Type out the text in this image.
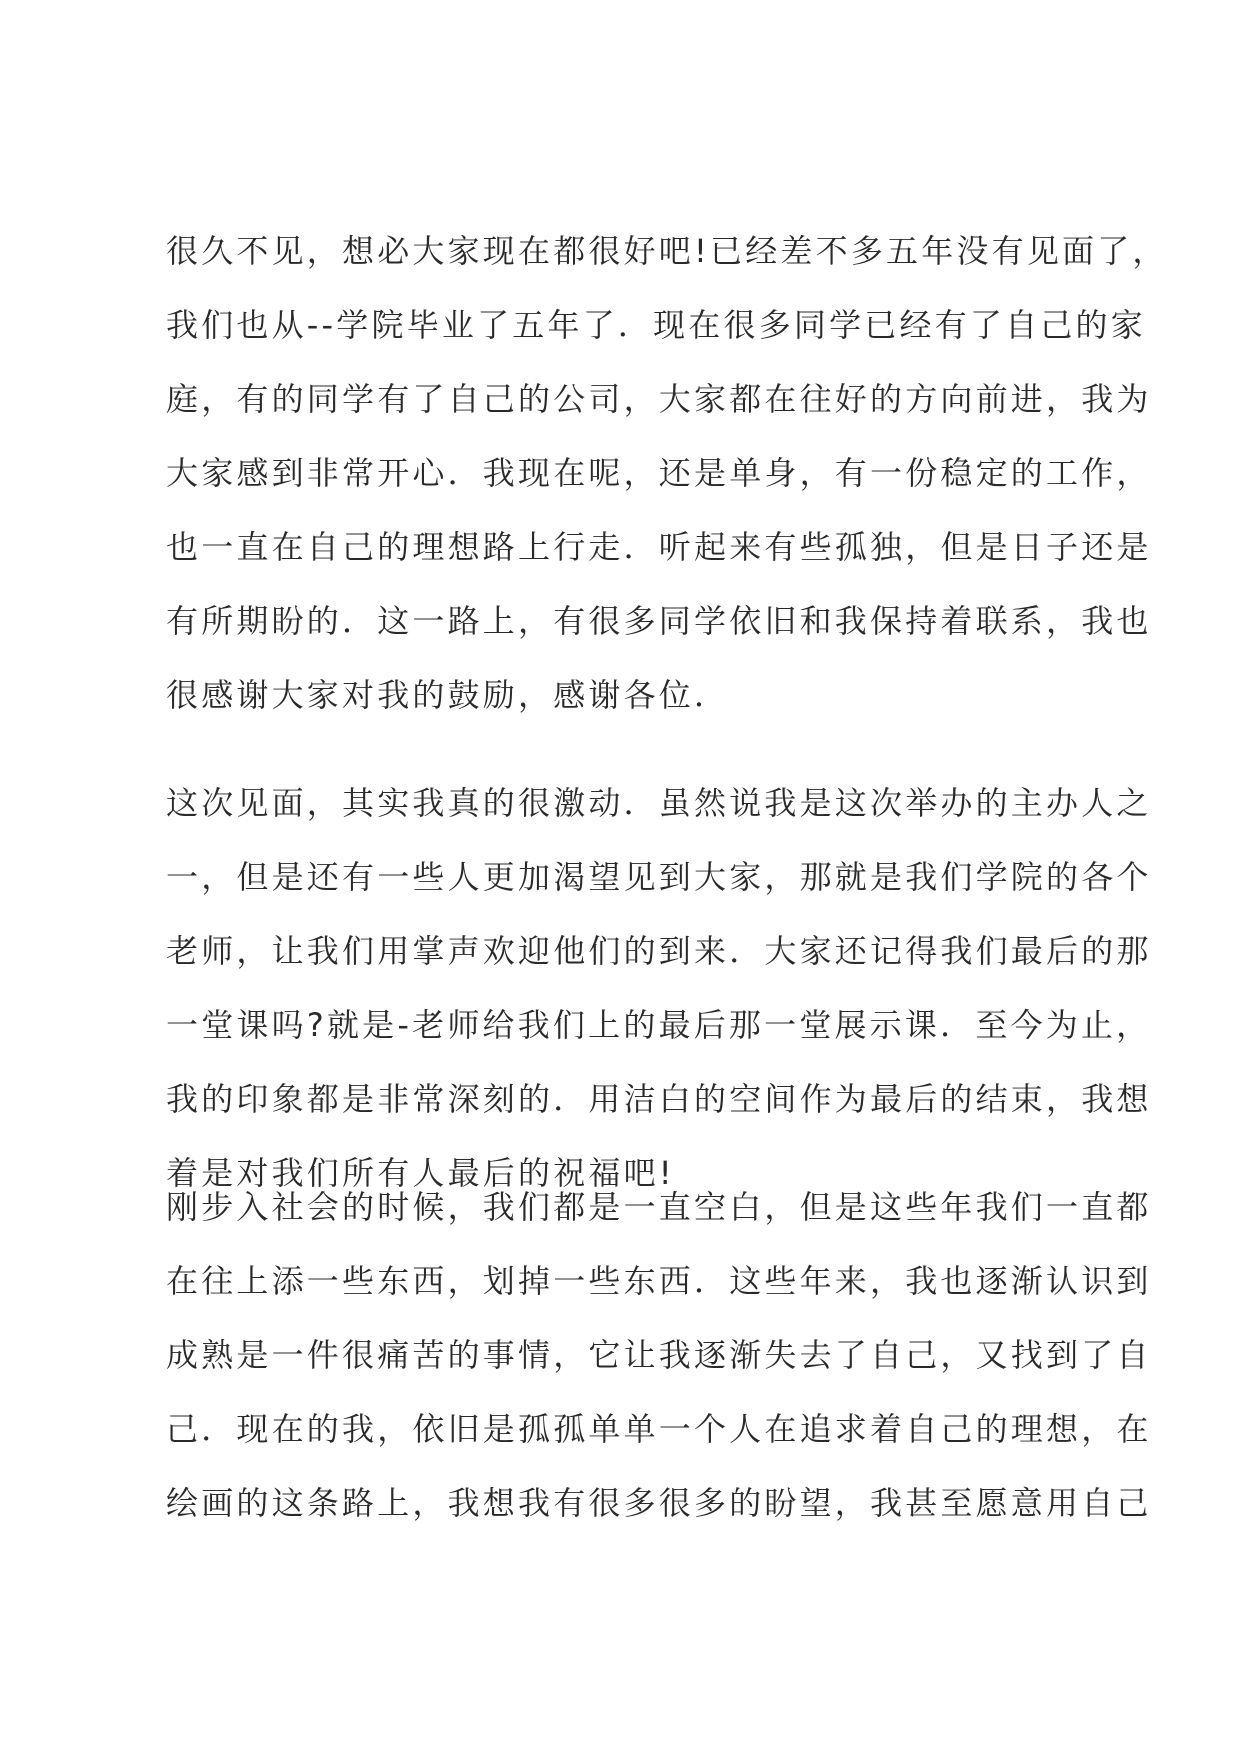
很久不见，想必大家现在都很好吧!已经差不多五年没有见面了，
我们也从--学院毕业了五年了．现在很多同学已经有了自己的家
庭，有的同学有了自己的公司，大家都在往好的方向前进，我为
大家感到非常开心．我现在呢，还是单身，有一份稳定的工作，
也一直在自己的理想路上行走．听起来有些孤独，但是日子还是
有所期盼的．这一路上，有很多同学依旧和我保持着联系，我也
很感谢大家对我的鼓励，感谢各位．
这次见面，其实我真的很激动．虽然说我是这次举办的主办人之
一，但是还有一些人更加渴望见到大家，那就是我们学院的各个
老师，让我们用掌声欢迎他们的到来．大家还记得我们最后的那
一堂课吗?就是-老师给我们上的最后那一堂展示课．至今为止，
我的印象都是非常深刻的．用洁白的空间作为最后的结束，我想
着是对我们所有人最后的祝福吧!
刚步入社会的时候，我们都是一直空白，但是这些年我们一直都
在往上添一些东西，划掉一些东西．这些年来，我也逐渐认识到
成熟是一件很痛苦的事情，它让我逐渐失去了自己，又找到了自
己．现在的我，依旧是孤孤单单一个人在追求着自己的理想，在
绘画的这条路上，我想我有很多很多的盼望，我甚至愿意用自己
